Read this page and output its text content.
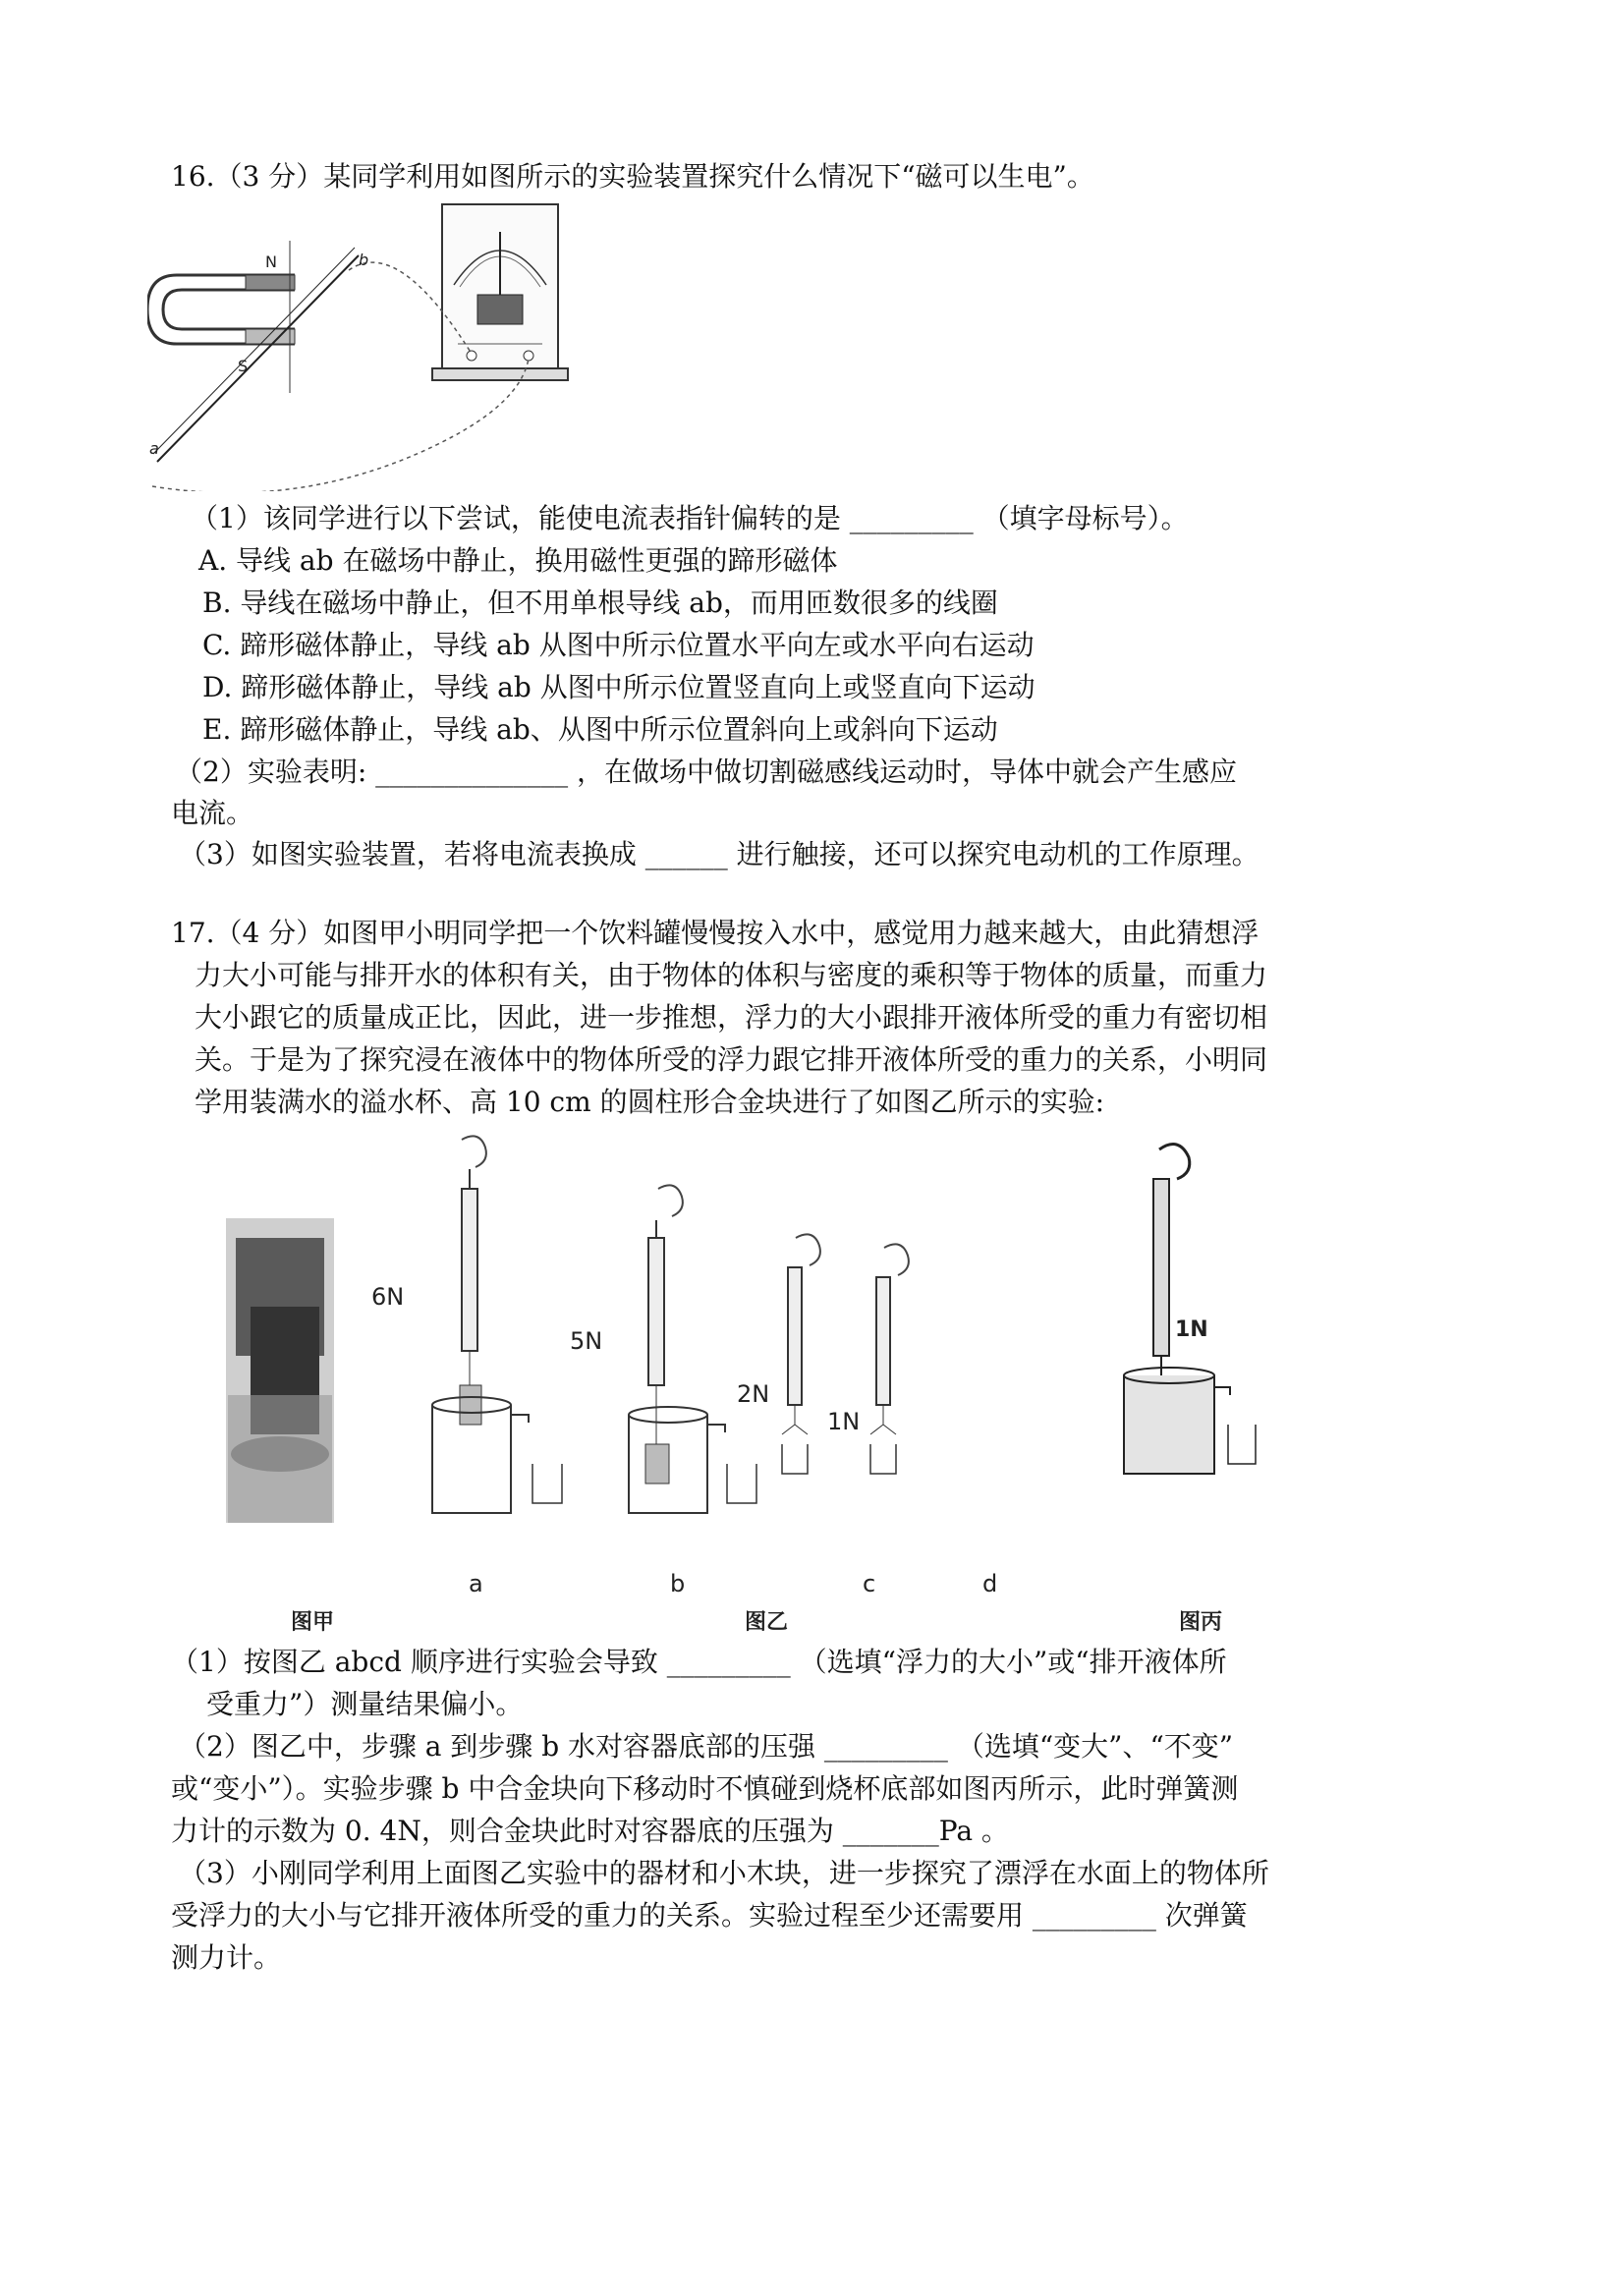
16.（3 分）某同学利用如图所示的实验装置探究什么情况下“磁可以生电”。
N
S
a
b
（1）该同学进行以下尝试，能使电流表指针偏转的是 _________ （填字母标号）。
A. 导线 ab 在磁场中静止，换用磁性更强的蹄形磁体
B. 导线在磁场中静止，但不用单根导线 ab，而用匝数很多的线圈
C. 蹄形磁体静止，导线 ab 从图中所示位置水平向左或水平向右运动
D. 蹄形磁体静止，导线 ab 从图中所示位置竖直向上或竖直向下运动
E. 蹄形磁体静止，导线 ab、从图中所示位置斜向上或斜向下运动
（2）实验表明: ______________ ，在做场中做切割磁感线运动时，导体中就会产生感应
电流。
（3）如图实验装置，若将电流表换成 ______ 进行触接，还可以探究电动机的工作原理。
17.（4 分）如图甲小明同学把一个饮料罐慢慢按入水中，感觉用力越来越大，由此猜想浮
力大小可能与排开水的体积有关，由于物体的体积与密度的乘积等于物体的质量，而重力
大小跟它的质量成正比，因此，进一步推想，浮力的大小跟排开液体所受的重力有密切相
关。于是为了探究浸在液体中的物体所受的浮力跟它排开液体所受的重力的关系，小明同
学用装满水的溢水杯、高 10 cm 的圆柱形合金块进行了如图乙所示的实验:
6N
5N
2N
1N
1N
a	b	c	d
图甲	图乙	图丙
（1）按图乙 abcd 顺序进行实验会导致 _________ （选填“浮力的大小”或“排开液体所
受重力”）测量结果偏小。
（2）图乙中，步骤 a 到步骤 b 水对容器底部的压强 _________ （选填“变大”、“不变”
或“变小”）。实验步骤 b 中合金块向下移动时不慎碰到烧杯底部如图丙所示，此时弹簧测
力计的示数为 0. 4N，则合金块此时对容器底的压强为 _______Pa 。
（3）小刚同学利用上面图乙实验中的器材和小木块，进一步探究了漂浮在水面上的物体所
受浮力的大小与它排开液体所受的重力的关系。实验过程至少还需要用 _________ 次弹簧
测力计。
